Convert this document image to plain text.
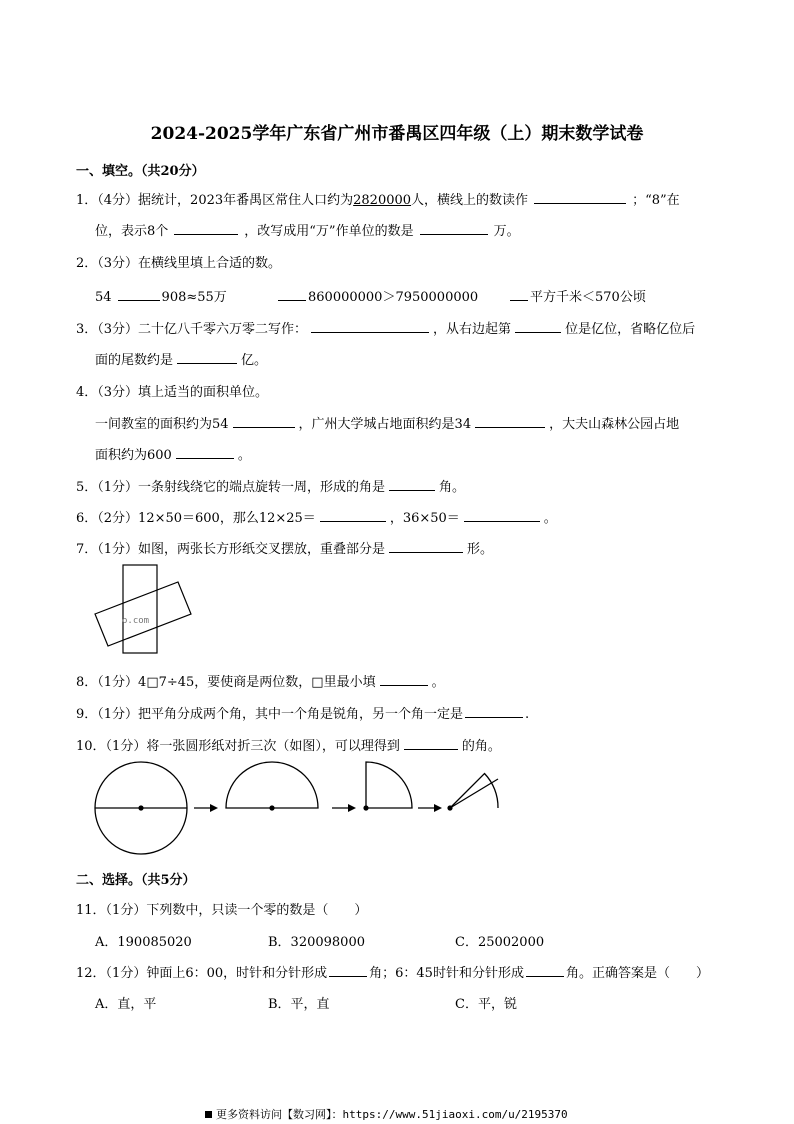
2024-2025学年广东省广州市番禺区四年级（上）期末数学试卷
一、填空。（共20分）
1．（4分）据统计，2023年番禺区常住人口约为2820000人，横线上的数读作	；“8”在
位，表示8个	，改写成用“万”作单位的数是	万。
2．（3分）在横线里填上合适的数。
54	908≈55万	860000000＞7950000000	平方千米＜570公顷
3．（3分）二十亿八千零六万零二写作：	，从右边起第	位是亿位，省略亿位后
面的尾数约是	亿。
4．（3分）填上适当的面积单位。
一间教室的面积约为54	，广州大学城占地面积约是34	，大夫山森林公园占地
面积约为600	。
5．（1分）一条射线绕它的端点旋转一周，形成的角是	角。
6．（2分）12×50＝600，那么12×25＝	，36×50＝	。
7．（1分）如图，两张长方形纸交叉摆放，重叠部分是	形。
o.com
8．（1分）4□7÷45，要使商是两位数，□里最小填	。
9．（1分）把平角分成两个角，其中一个角是锐角，另一个角一定是	.
10．（1分）将一张圆形纸对折三次（如图），可以理得到	的角。
二、选择。（共5分）
11．（1分）下列数中，只读一个零的数是（　　）
A．190085020	B．320098000	C．25002000
12．（1分）钟面上6：00，时针和分针形成	角；6：45时针和分针形成	角。正确答案是（　　）
A．直，平	B．平，直	C．平，锐
更多资料访问【数习网】：https://www.51jiaoxi.com/u/2195370
